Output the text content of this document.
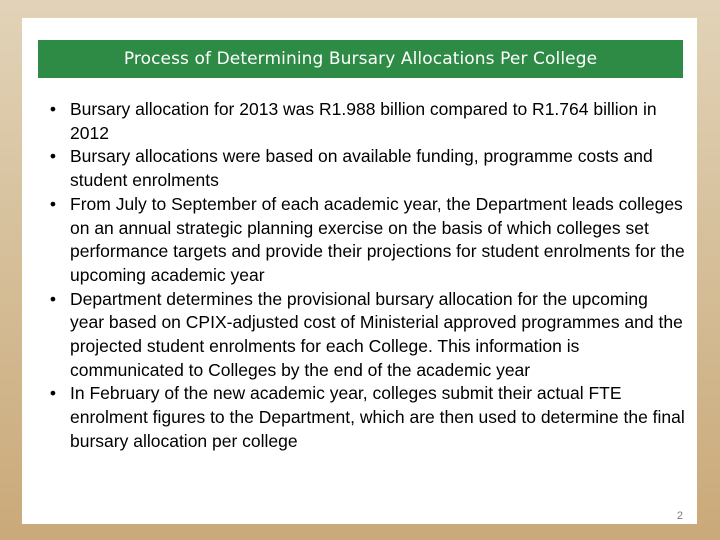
Process of Determining Bursary Allocations Per College
• Bursary allocation for 2013 was R1.988 billion compared to R1.764 billion in 2012
• Bursary allocations were based on available funding, programme costs and student enrolments
• From July to September of each academic year, the Department leads colleges on an annual strategic planning exercise on the basis of which colleges set performance targets and provide their projections for student enrolments for the upcoming academic year
• Department determines the provisional bursary allocation for the upcoming year based on CPIX-adjusted cost of Ministerial approved programmes and the projected student enrolments for each College. This information is communicated to Colleges by the end of the academic year
• In February of the new academic year, colleges submit their actual FTE enrolment figures to the Department, which are then used to determine the final bursary allocation per college
2
